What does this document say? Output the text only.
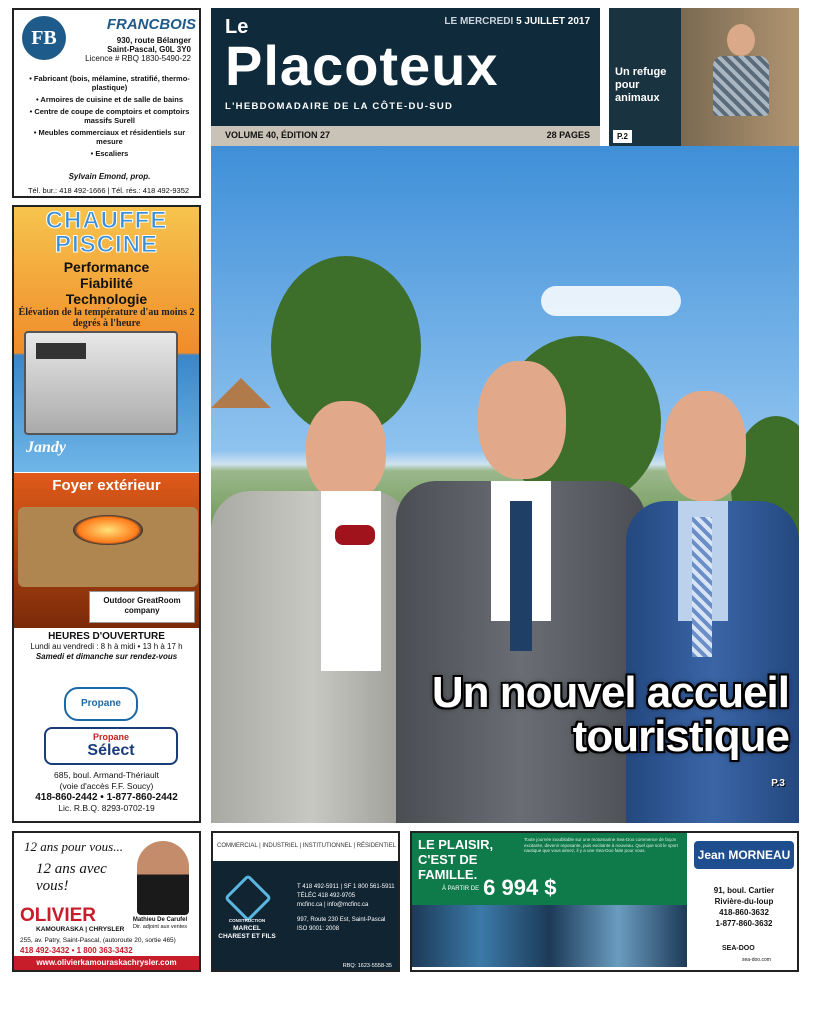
FB
FRANCBOIS
930, route Bélanger
Saint-Pascal, G0L 3Y0
Licence # RBQ 1830-5490-22
• Fabricant (bois, mélamine, stratifié, thermo-plastique)
• Armoires de cuisine et de salle de bains
• Centre de coupe de comptoirs et comptoirs massifs Surell
• Meubles commerciaux et résidentiels sur mesure
• Escaliers
Sylvain Emond, prop.
Tél. bur.: 418 492-1666 | Tél. rés.: 418 492-9352
CHAUFFE
PISCINE
Performance
Fiabilité
Technologie
Élévation de la température d'au moins 2 degrés à l'heure
Jandy
Foyer extérieur
Outdoor GreatRoom company
HEURES D'OUVERTURE
Lundi au vendredi : 8 h à midi • 13 h à 17 h
Samedi et dimanche sur rendez-vous
Propane
Propane
Sélect
685, boul. Armand-Thériault
(voie d'accès F.F. Soucy)
418-860-2442 • 1-877-860-2442
Lic. R.B.Q. 8293-0702-19
Le	LE MERCREDI 5 JUILLET 2017
Placoteux
L'HEBDOMADAIRE DE LA CÔTE-DU-SUD
VOLUME 40, ÉDITION 27	28 PAGES
Un refuge pour animaux
P.2
Un nouvel accueil
touristique
P.3
12 ans pour vous...
12 ans avec vous!
OLIVIER
KAMOURASKA | CHRYSLER
Mathieu De Carufel
Dir. adjoint aux ventes
255, av. Patry, Saint-Pascal, (autoroute 20, sortie 465)
418 492-3432 • 1 800 363-3432
www.olivierkamouraskachrysler.com
COMMERCIAL | INDUSTRIEL | INSTITUTIONNEL | RÉSIDENTIEL
CONSTRUCTION
MARCEL CHAREST ET FILS
T 418 492-5911 | SF 1 800 561-5911
TÉLÉC 418 492-9705
mcfinc.ca | info@mcfinc.ca
997, Route 230 Est, Saint-Pascal
ISO 9001: 2008
RBQ: 1623-5558-35
LE PLAISIR, C'EST DE FAMILLE.
Toute journée inoubliable sur une motomarine Sea-Doo commence de façon excitante, devenir reposante, puis excitante à nouveau. Quel que soit le sport nautique que vous aimez, il y a une Sea-Doo faite pour vous.
À PARTIR DE 6 994 $
Jean MORNEAU
91, boul. Cartier
Rivière-du-loup
418-860-3632
1-877-860-3632
SEA-DOO
sea-doo.com
